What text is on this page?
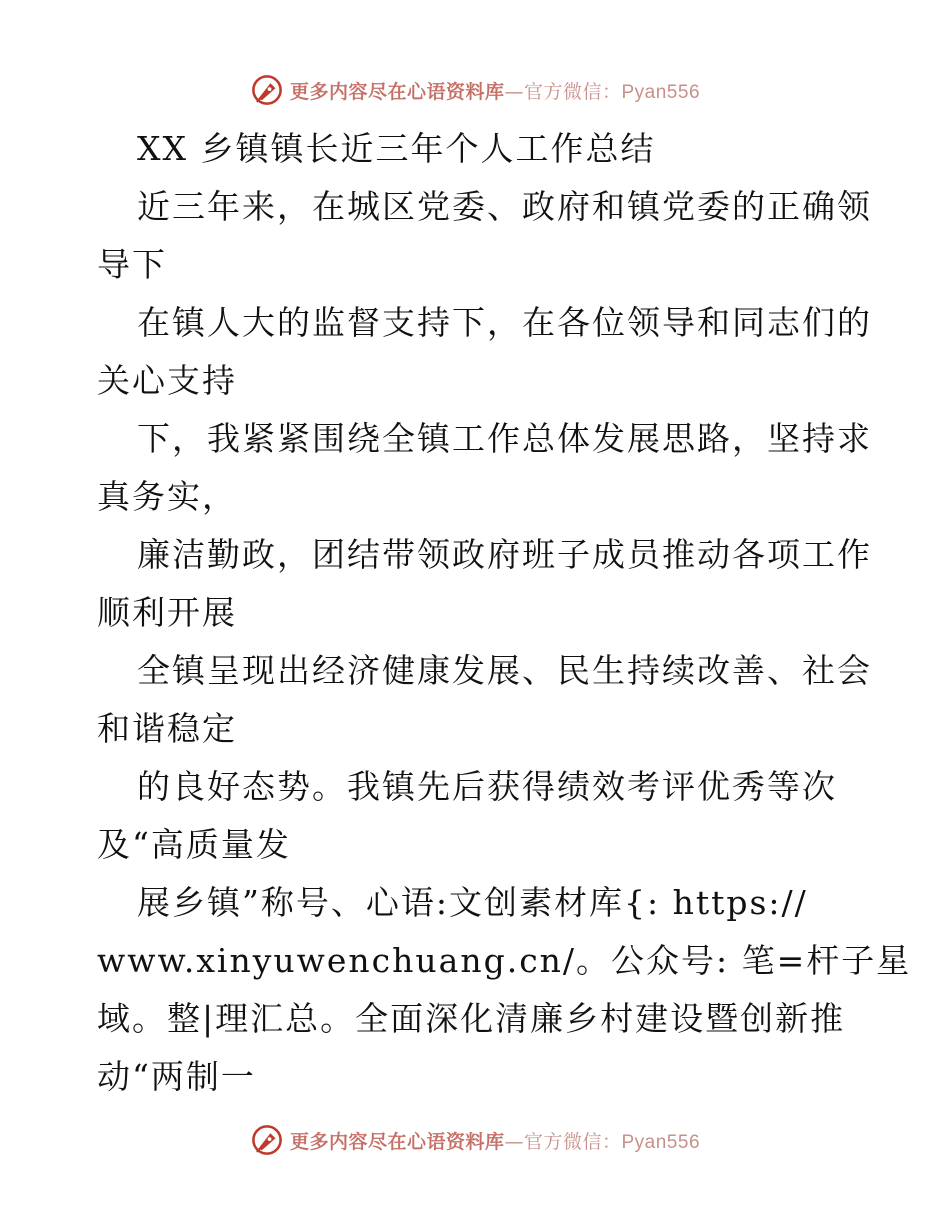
更多内容尽在心语资料库—官方微信：Pyan556
XX 乡镇镇长近三年个人工作总结
近三年来，在城区党委、政府和镇党委的正确领
导下
在镇人大的监督支持下，在各位领导和同志们的
关心支持
下，我紧紧围绕全镇工作总体发展思路，坚持求
真务实，
廉洁勤政，团结带领政府班子成员推动各项工作
顺利开展
全镇呈现出经济健康发展、民生持续改善、社会
和谐稳定
的良好态势。我镇先后获得绩效考评优秀等次
及“高质量发
展乡镇”称号、心语:文创素材库{: https://
www.xinyuwenchuang.cn/。公众号: 笔=杆子星
域。整|理汇总。全面深化清廉乡村建设暨创新推
动“两制一
更多内容尽在心语资料库—官方微信：Pyan556
